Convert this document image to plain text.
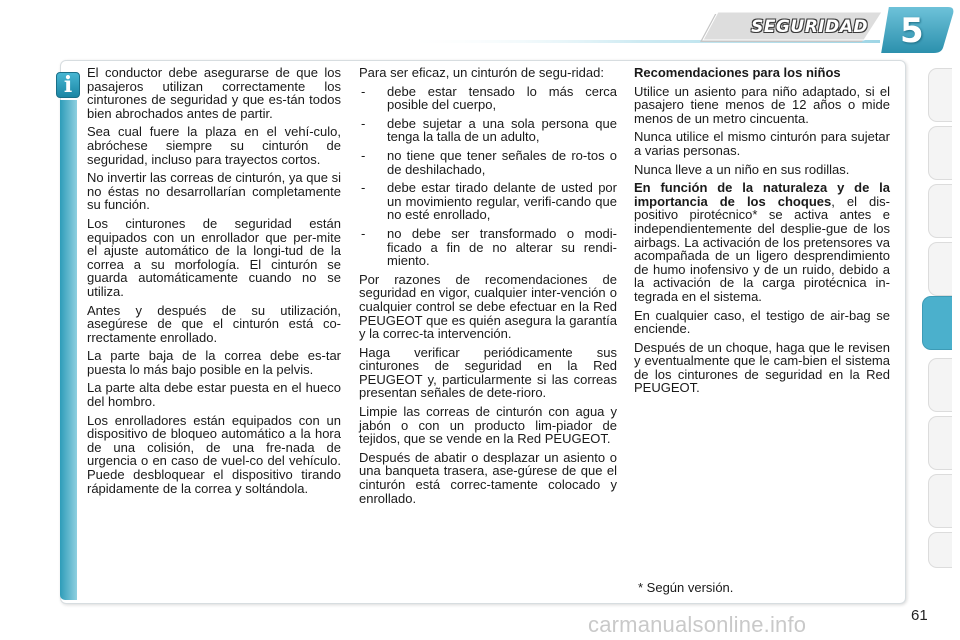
SEGURIDAD 5
i	El conductor debe asegurarse de que los pasajeros utilizan correctamente los cinturones de seguridad y que es-tán todos bien abrochados antes de partir.

Sea cual fuere la plaza en el vehí-culo, abróchese siempre su cinturón de seguridad, incluso para trayectos cortos.

No invertir las correas de cinturón, ya que si no éstas no desarrollarían completamente su función.

Los cinturones de seguridad están equipados con un enrollador que per-mite el ajuste automático de la longi-tud de la correa a su morfología. El cinturón se guarda automáticamente cuando no se utiliza.

Antes y después de su utilización, asegúrese de que el cinturón está co-rrectamente enrollado.

La parte baja de la correa debe es-tar puesta lo más bajo posible en la pelvis.

La parte alta debe estar puesta en el hueco del hombro.

Los enrolladores están equipados con un dispositivo de bloqueo automático a la hora de una colisión, de una fre-nada de urgencia o en caso de vuel-co del vehículo. Puede desbloquear el dispositivo tirando rápidamente de la correa y soltándola.

Para ser eficaz, un cinturón de segu-ridad:

- debe estar tensado lo más cerca posible del cuerpo,
- debe sujetar a una sola persona que tenga la talla de un adulto,
- no tiene que tener señales de ro-tos o de deshilachado,
- debe estar tirado delante de usted por un movimiento regular, verifi-cando que no esté enrollado,
- no debe ser transformado o modi-ficado a fin de no alterar su rendi-miento.

Por razones de recomendaciones de seguridad en vigor, cualquier inter-vención o cualquier control se debe efectuar en la Red PEUGEOT que es quién asegura la garantía y la correc-ta intervención.

Haga verificar periódicamente sus cinturones de seguridad en la Red PEUGEOT y, particularmente si las correas presentan señales de dete-rioro.

Limpie las correas de cinturón con agua y jabón o con un producto lim-piador de tejidos, que se vende en la Red PEUGEOT.

Después de abatir o desplazar un asiento o una banqueta trasera, ase-gúrese de que el cinturón está correc-tamente colocado y enrollado.

Recomendaciones para los niños

Utilice un asiento para niño adaptado, si el pasajero tiene menos de 12 años o mide menos de un metro cincuenta.

Nunca utilice el mismo cinturón para sujetar a varias personas.

Nunca lleve a un niño en sus rodillas.

En función de la naturaleza y de la importancia de los choques, el dis-positivo pirotécnico* se activa antes e independientemente del desplie-gue de los airbags. La activación de los pretensores va acompañada de un ligero desprendimiento de humo inofensivo y de un ruido, debido a la activación de la carga pirotécnica in-tegrada en el sistema.

En cualquier caso, el testigo de air-bag se enciende.

Después de un choque, haga que le revisen y eventualmente que le cam-bien el sistema de los cinturones de seguridad en la Red PEUGEOT.

* Según versión.
carmanualsonline.info	61
